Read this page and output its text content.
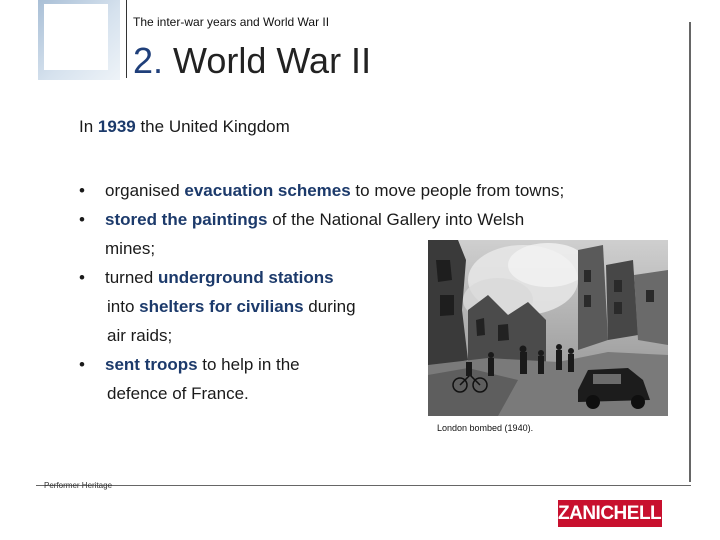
The inter-war years and World War II
2. World War II
In 1939 the United Kingdom
• organised evacuation schemes to move people from towns;
• stored the paintings of the National Gallery into Welsh
mines;
• turned underground stations
into shelters for civilians during
air raids;
• sent troops to help in the
defence of France.
London bombed (1940).
Performer Heritage
ZANICHELLI
